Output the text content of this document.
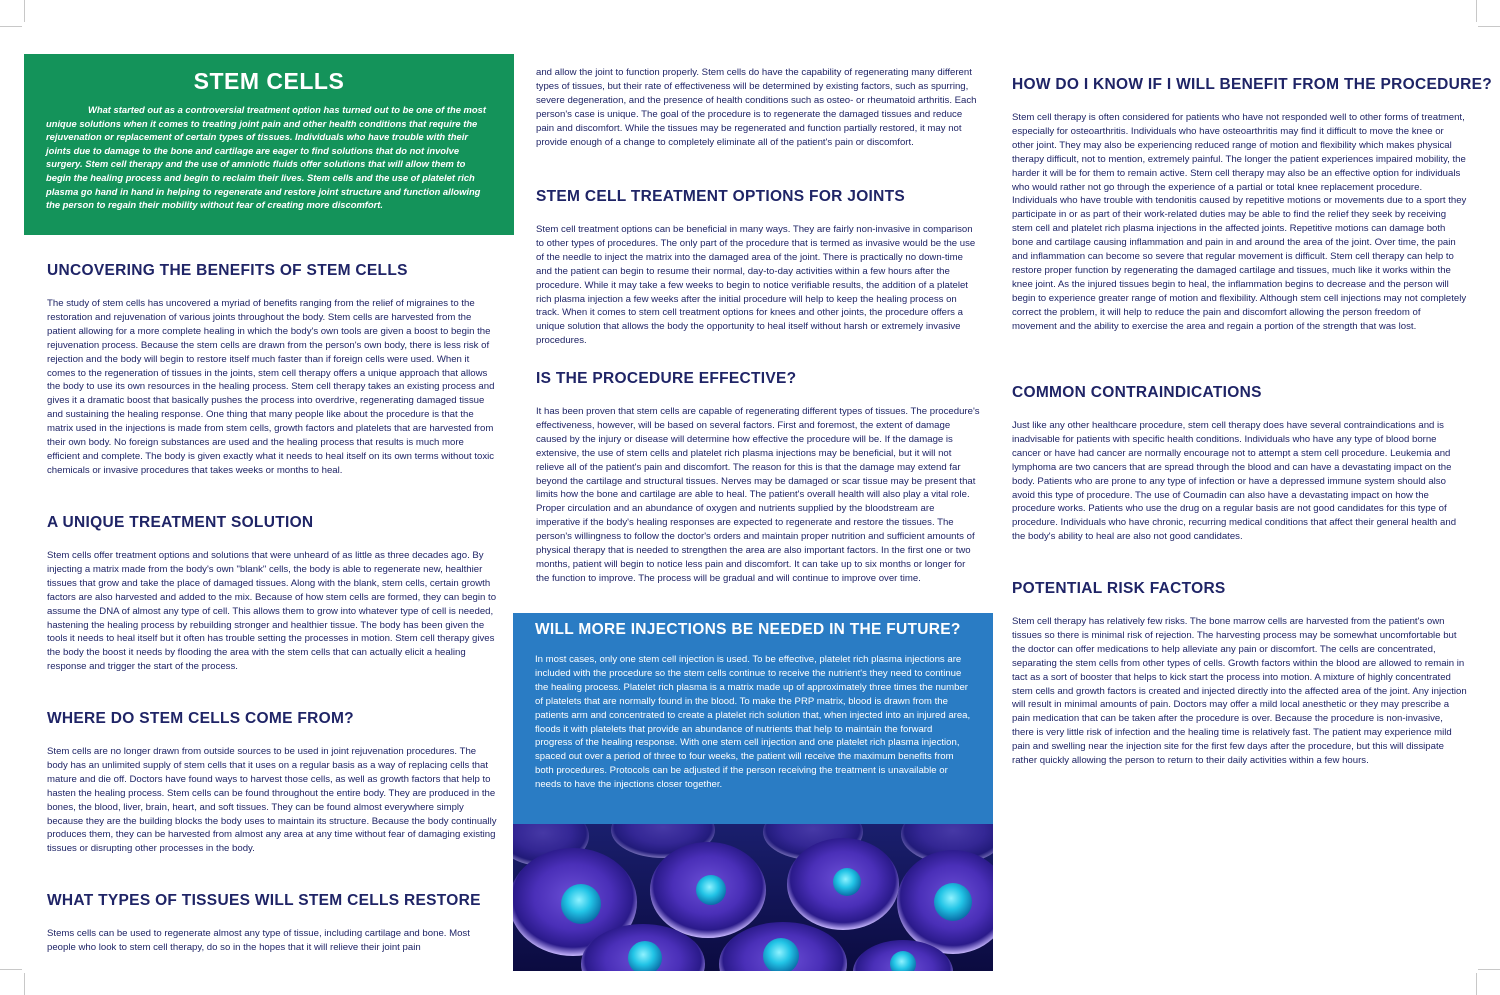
STEM CELLS

What started out as a controversial treatment option has turned out to be one of the most unique solutions when it comes to treating joint pain and other health conditions that require the rejuvenation or replacement of certain types of tissues. Individuals who have trouble with their joints due to damage to the bone and cartilage are eager to find solutions that do not involve surgery. Stem cell therapy and the use of amniotic fluids offer solutions that will allow them to begin the healing process and begin to reclaim their lives. Stem cells and the use of platelet rich plasma go hand in hand in helping to regenerate and restore joint structure and function allowing the person to regain their mobility without fear of creating more discomfort.

UNCOVERING THE BENEFITS OF STEM CELLS

The study of stem cells has uncovered a myriad of benefits ranging from the relief of migraines to the restoration and rejuvenation of various joints throughout the body. Stem cells are harvested from the patient allowing for a more complete healing in which the body's own tools are given a boost to begin the rejuvenation process. Because the stem cells are drawn from the person's own body, there is less risk of rejection and the body will begin to restore itself much faster than if foreign cells were used. When it comes to the regeneration of tissues in the joints, stem cell therapy offers a unique approach that allows the body to use its own resources in the healing process. Stem cell therapy takes an existing process and gives it a dramatic boost that basically pushes the process into overdrive, regenerating damaged tissue and sustaining the healing response. One thing that many people like about the procedure is that the matrix used in the injections is made from stem cells, growth factors and platelets that are harvested from their own body. No foreign substances are used and the healing process that results is much more efficient and complete. The body is given exactly what it needs to heal itself on its own terms without toxic chemicals or invasive procedures that takes weeks or months to heal.

A UNIQUE TREATMENT SOLUTION

Stem cells offer treatment options and solutions that were unheard of as little as three decades ago. By injecting a matrix made from the body's own "blank" cells, the body is able to regenerate new, healthier tissues that grow and take the place of damaged tissues. Along with the blank, stem cells, certain growth factors are also harvested and added to the mix. Because of how stem cells are formed, they can begin to assume the DNA of almost any type of cell. This allows them to grow into whatever type of cell is needed, hastening the healing process by rebuilding stronger and healthier tissue. The body has been given the tools it needs to heal itself but it often has trouble setting the processes in motion. Stem cell therapy gives the body the boost it needs by flooding the area with the stem cells that can actually elicit a healing response and trigger the start of the process.

WHERE DO STEM CELLS COME FROM?

Stem cells are no longer drawn from outside sources to be used in joint rejuvenation procedures. The body has an unlimited supply of stem cells that it uses on a regular basis as a way of replacing cells that mature and die off. Doctors have found ways to harvest those cells, as well as growth factors that help to hasten the healing process. Stem cells can be found throughout the entire body. They are produced in the bones, the blood, liver, brain, heart, and soft tissues. They can be found almost everywhere simply because they are the building blocks the body uses to maintain its structure. Because the body continually produces them, they can be harvested from almost any area at any time without fear of damaging existing tissues or disrupting other processes in the body.

WHAT TYPES OF TISSUES WILL STEM CELLS RESTORE

Stems cells can be used to regenerate almost any type of tissue, including cartilage and bone. Most people who look to stem cell therapy, do so in the hopes that it will relieve their joint pain

and allow the joint to function properly. Stem cells do have the capability of regenerating many different types of tissues, but their rate of effectiveness will be determined by existing factors, such as spurring, severe degeneration, and the presence of health conditions such as osteo- or rheumatoid arthritis. Each person's case is unique. The goal of the procedure is to regenerate the damaged tissues and reduce pain and discomfort. While the tissues may be regenerated and function partially restored, it may not provide enough of a change to completely eliminate all of the patient's pain or discomfort.

STEM CELL TREATMENT OPTIONS FOR JOINTS

Stem cell treatment options can be beneficial in many ways. They are fairly non-invasive in comparison to other types of procedures. The only part of the procedure that is termed as invasive would be the use of the needle to inject the matrix into the damaged area of the joint. There is practically no down-time and the patient can begin to resume their normal, day-to-day activities within a few hours after the procedure. While it may take a few weeks to begin to notice verifiable results, the addition of a platelet rich plasma injection a few weeks after the initial procedure will help to keep the healing process on track. When it comes to stem cell treatment options for knees and other joints, the procedure offers a unique solution that allows the body the opportunity to heal itself without harsh or extremely invasive procedures.

IS THE PROCEDURE EFFECTIVE?

It has been proven that stem cells are capable of regenerating different types of tissues. The procedure's effectiveness, however, will be based on several factors. First and foremost, the extent of damage caused by the injury or disease will determine how effective the procedure will be. If the damage is extensive, the use of stem cells and platelet rich plasma injections may be beneficial, but it will not relieve all of the patient's pain and discomfort. The reason for this is that the damage may extend far beyond the cartilage and structural tissues. Nerves may be damaged or scar tissue may be present that limits how the bone and cartilage are able to heal. The patient's overall health will also play a vital role. Proper circulation and an abundance of oxygen and nutrients supplied by the bloodstream are imperative if the body's healing responses are expected to regenerate and restore the tissues. The person's willingness to follow the doctor's orders and maintain proper nutrition and sufficient amounts of physical therapy that is needed to strengthen the area are also important factors. In the first one or two months, patient will begin to notice less pain and discomfort. It can take up to six months or longer for the function to improve. The process will be gradual and will continue to improve over time.

WILL MORE INJECTIONS BE NEEDED IN THE FUTURE?

In most cases, only one stem cell injection is used. To be effective, platelet rich plasma injections are included with the procedure so the stem cells continue to receive the nutrient's they need to continue the healing process. Platelet rich plasma is a matrix made up of approximately three times the number of platelets that are normally found in the blood. To make the PRP matrix, blood is drawn from the patients arm and concentrated to create a platelet rich solution that, when injected into an injured area, floods it with platelets that provide an abundance of nutrients that help to maintain the forward progress of the healing response. With one stem cell injection and one platelet rich plasma injection, spaced out over a period of three to four weeks, the patient will receive the maximum benefits from both procedures. Protocols can be adjusted if the person receiving the treatment is unavailable or needs to have the injections closer together.

HOW DO I KNOW IF I WILL BENEFIT FROM THE PROCEDURE?

Stem cell therapy is often considered for patients who have not responded well to other forms of treatment, especially for osteoarthritis. Individuals who have osteoarthritis may find it difficult to move the knee or other joint. They may also be experiencing reduced range of motion and flexibility which makes physical therapy difficult, not to mention, extremely painful. The longer the patient experiences impaired mobility, the harder it will be for them to remain active. Stem cell therapy may also be an effective option for individuals who would rather not go through the experience of a partial or total knee replacement procedure.

Individuals who have trouble with tendonitis caused by repetitive motions or movements due to a sport they participate in or as part of their work-related duties may be able to find the relief they seek by receiving stem cell and platelet rich plasma injections in the affected joints. Repetitive motions can damage both bone and cartilage causing inflammation and pain in and around the area of the joint. Over time, the pain and inflammation can become so severe that regular movement is difficult. Stem cell therapy can help to restore proper function by regenerating the damaged cartilage and tissues, much like it works within the knee joint. As the injured tissues begin to heal, the inflammation begins to decrease and the person will begin to experience greater range of motion and flexibility. Although stem cell injections may not completely correct the problem, it will help to reduce the pain and discomfort allowing the person freedom of movement and the ability to exercise the area and regain a portion of the strength that was lost.

COMMON CONTRAINDICATIONS

Just like any other healthcare procedure, stem cell therapy does have several contraindications and is inadvisable for patients with specific health conditions. Individuals who have any type of blood borne cancer or have had cancer are normally encourage not to attempt a stem cell procedure. Leukemia and lymphoma are two cancers that are spread through the blood and can have a devastating impact on the body. Patients who are prone to any type of infection or have a depressed immune system should also avoid this type of procedure. The use of Coumadin can also have a devastating impact on how the procedure works. Patients who use the drug on a regular basis are not good candidates for this type of procedure. Individuals who have chronic, recurring medical conditions that affect their general health and the body's ability to heal are also not good candidates.

POTENTIAL RISK FACTORS

Stem cell therapy has relatively few risks. The bone marrow cells are harvested from the patient's own tissues so there is minimal risk of rejection. The harvesting process may be somewhat uncomfortable but the doctor can offer medications to help alleviate any pain or discomfort. The cells are concentrated, separating the stem cells from other types of cells. Growth factors within the blood are allowed to remain in tact as a sort of booster that helps to kick start the process into motion. A mixture of highly concentrated stem cells and growth factors is created and injected directly into the affected area of the joint. Any injection will result in minimal amounts of pain. Doctors may offer a mild local anesthetic or they may prescribe a pain medication that can be taken after the procedure is over. Because the procedure is non-invasive, there is very little risk of infection and the healing time is relatively fast. The patient may experience mild pain and swelling near the injection site for the first few days after the procedure, but this will dissipate rather quickly allowing the person to return to their daily activities within a few hours.
